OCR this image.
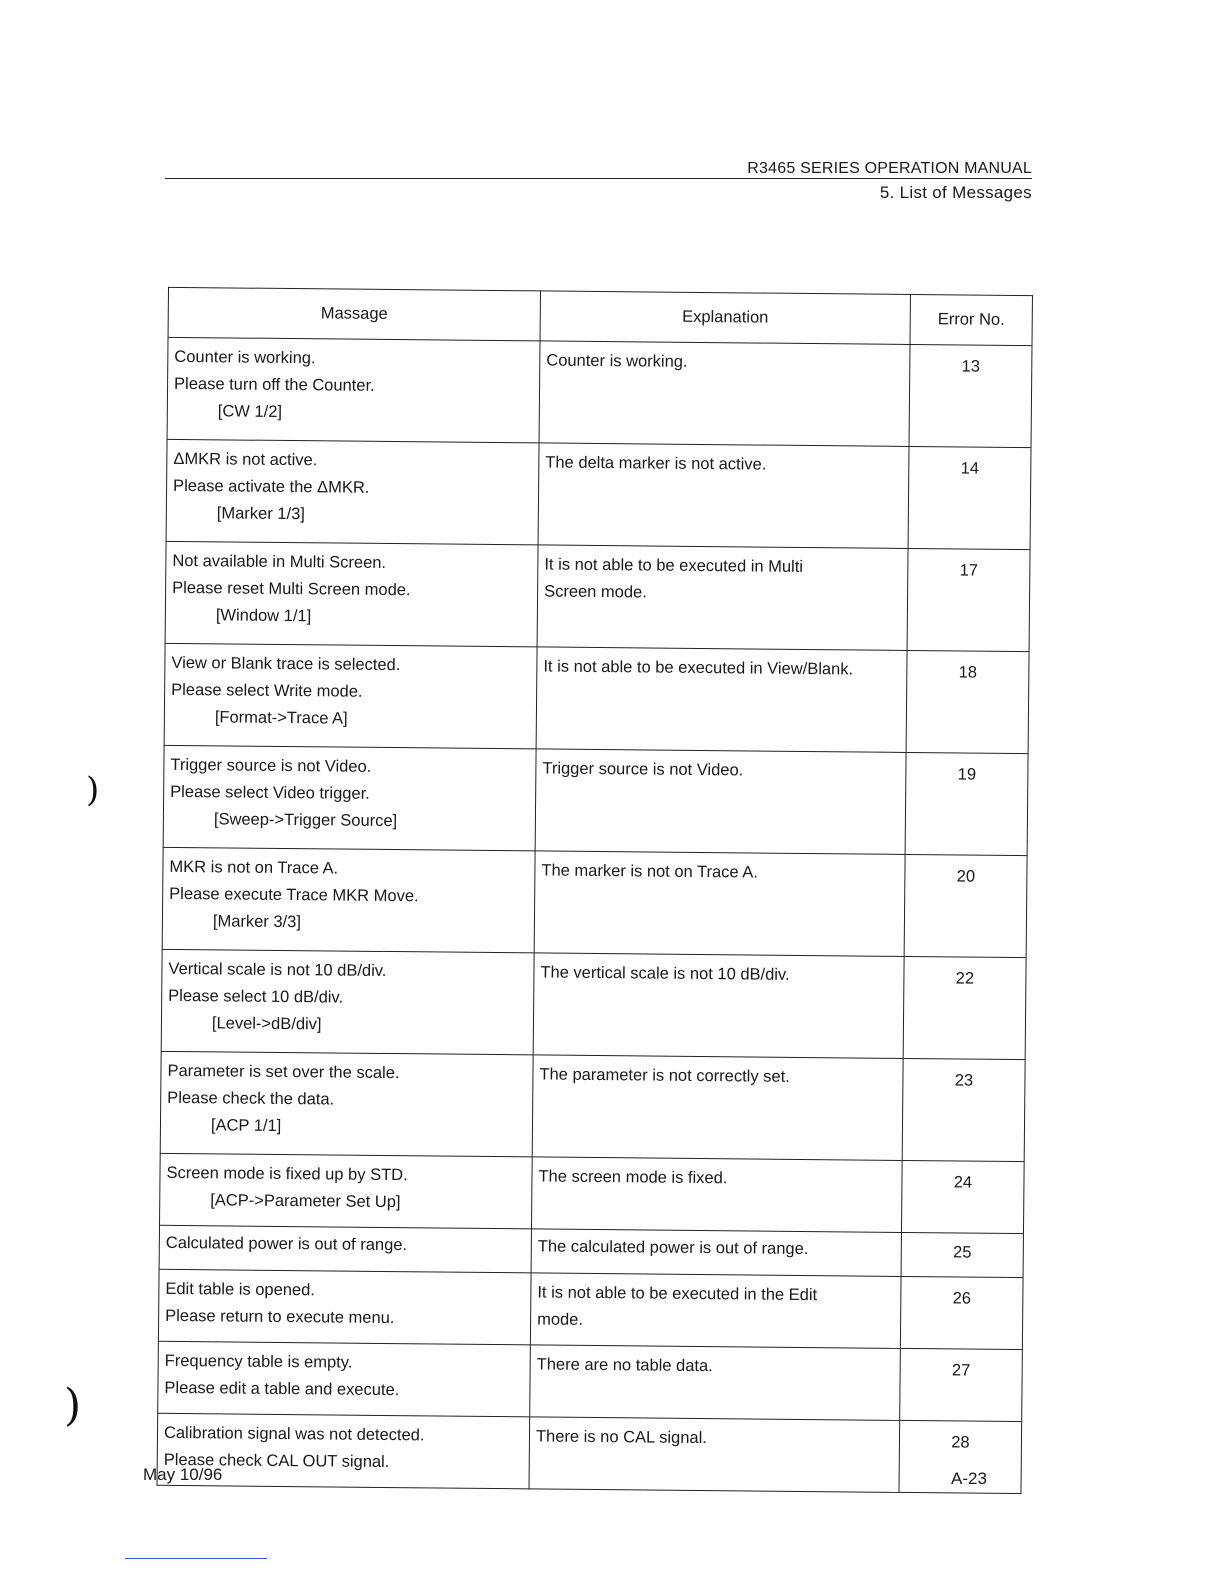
R3465 SERIES OPERATION MANUAL
5. List of Messages
Massage	Explanation	Error No.

Counter is working.
Please turn off the Counter.
[CW 1/2]	Counter is working.	13

ΔMKR is not active.
Please activate the ΔMKR.
[Marker 1/3]	The delta marker is not active.	14

Not available in Multi Screen.
Please reset Multi Screen mode.
[Window 1/1]	It is not able to be executed in Multi
Screen mode.	17

View or Blank trace is selected.
Please select Write mode.
[Format->Trace A]	It is not able to be executed in View/Blank.	18

Trigger source is not Video.
Please select Video trigger.
[Sweep->Trigger Source]	Trigger source is not Video.	19

MKR is not on Trace A.
Please execute Trace MKR Move.
[Marker 3/3]	The marker is not on Trace A.	20

Vertical scale is not 10 dB/div.
Please select 10 dB/div.
[Level->dB/div]	The vertical scale is not 10 dB/div.	22

Parameter is set over the scale.
Please check the data.
[ACP 1/1]	The parameter is not correctly set.	23

Screen mode is fixed up by STD.
[ACP->Parameter Set Up]	The screen mode is fixed.	24

Calculated power is out of range.	The calculated power is out of range.	25

Edit table is opened.
Please return to execute menu.	It is not able to be executed in the Edit
mode.	26

Frequency table is empty.
Please edit a table and execute.	There are no table data.	27

Calibration signal was not detected.
Please check CAL OUT signal.	There is no CAL signal.	28
May 10/96	A-23
)
)
